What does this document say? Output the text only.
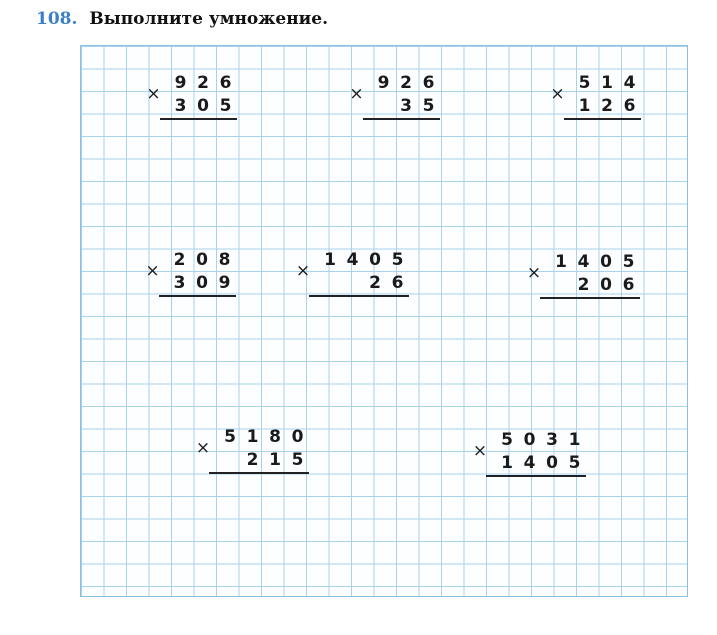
108. Выполните умножение.
9 2 6
3 0 5
×
9 2 6
3 5
×
5 1 4
1 2 6
×
2 0 8
3 0 9
×
1 4 0 5
2 6
×	1 4 0 5
2 0 6
×
5 1 8 0
2 1 5
×	5 0 3 1
1 4 0 5
×
